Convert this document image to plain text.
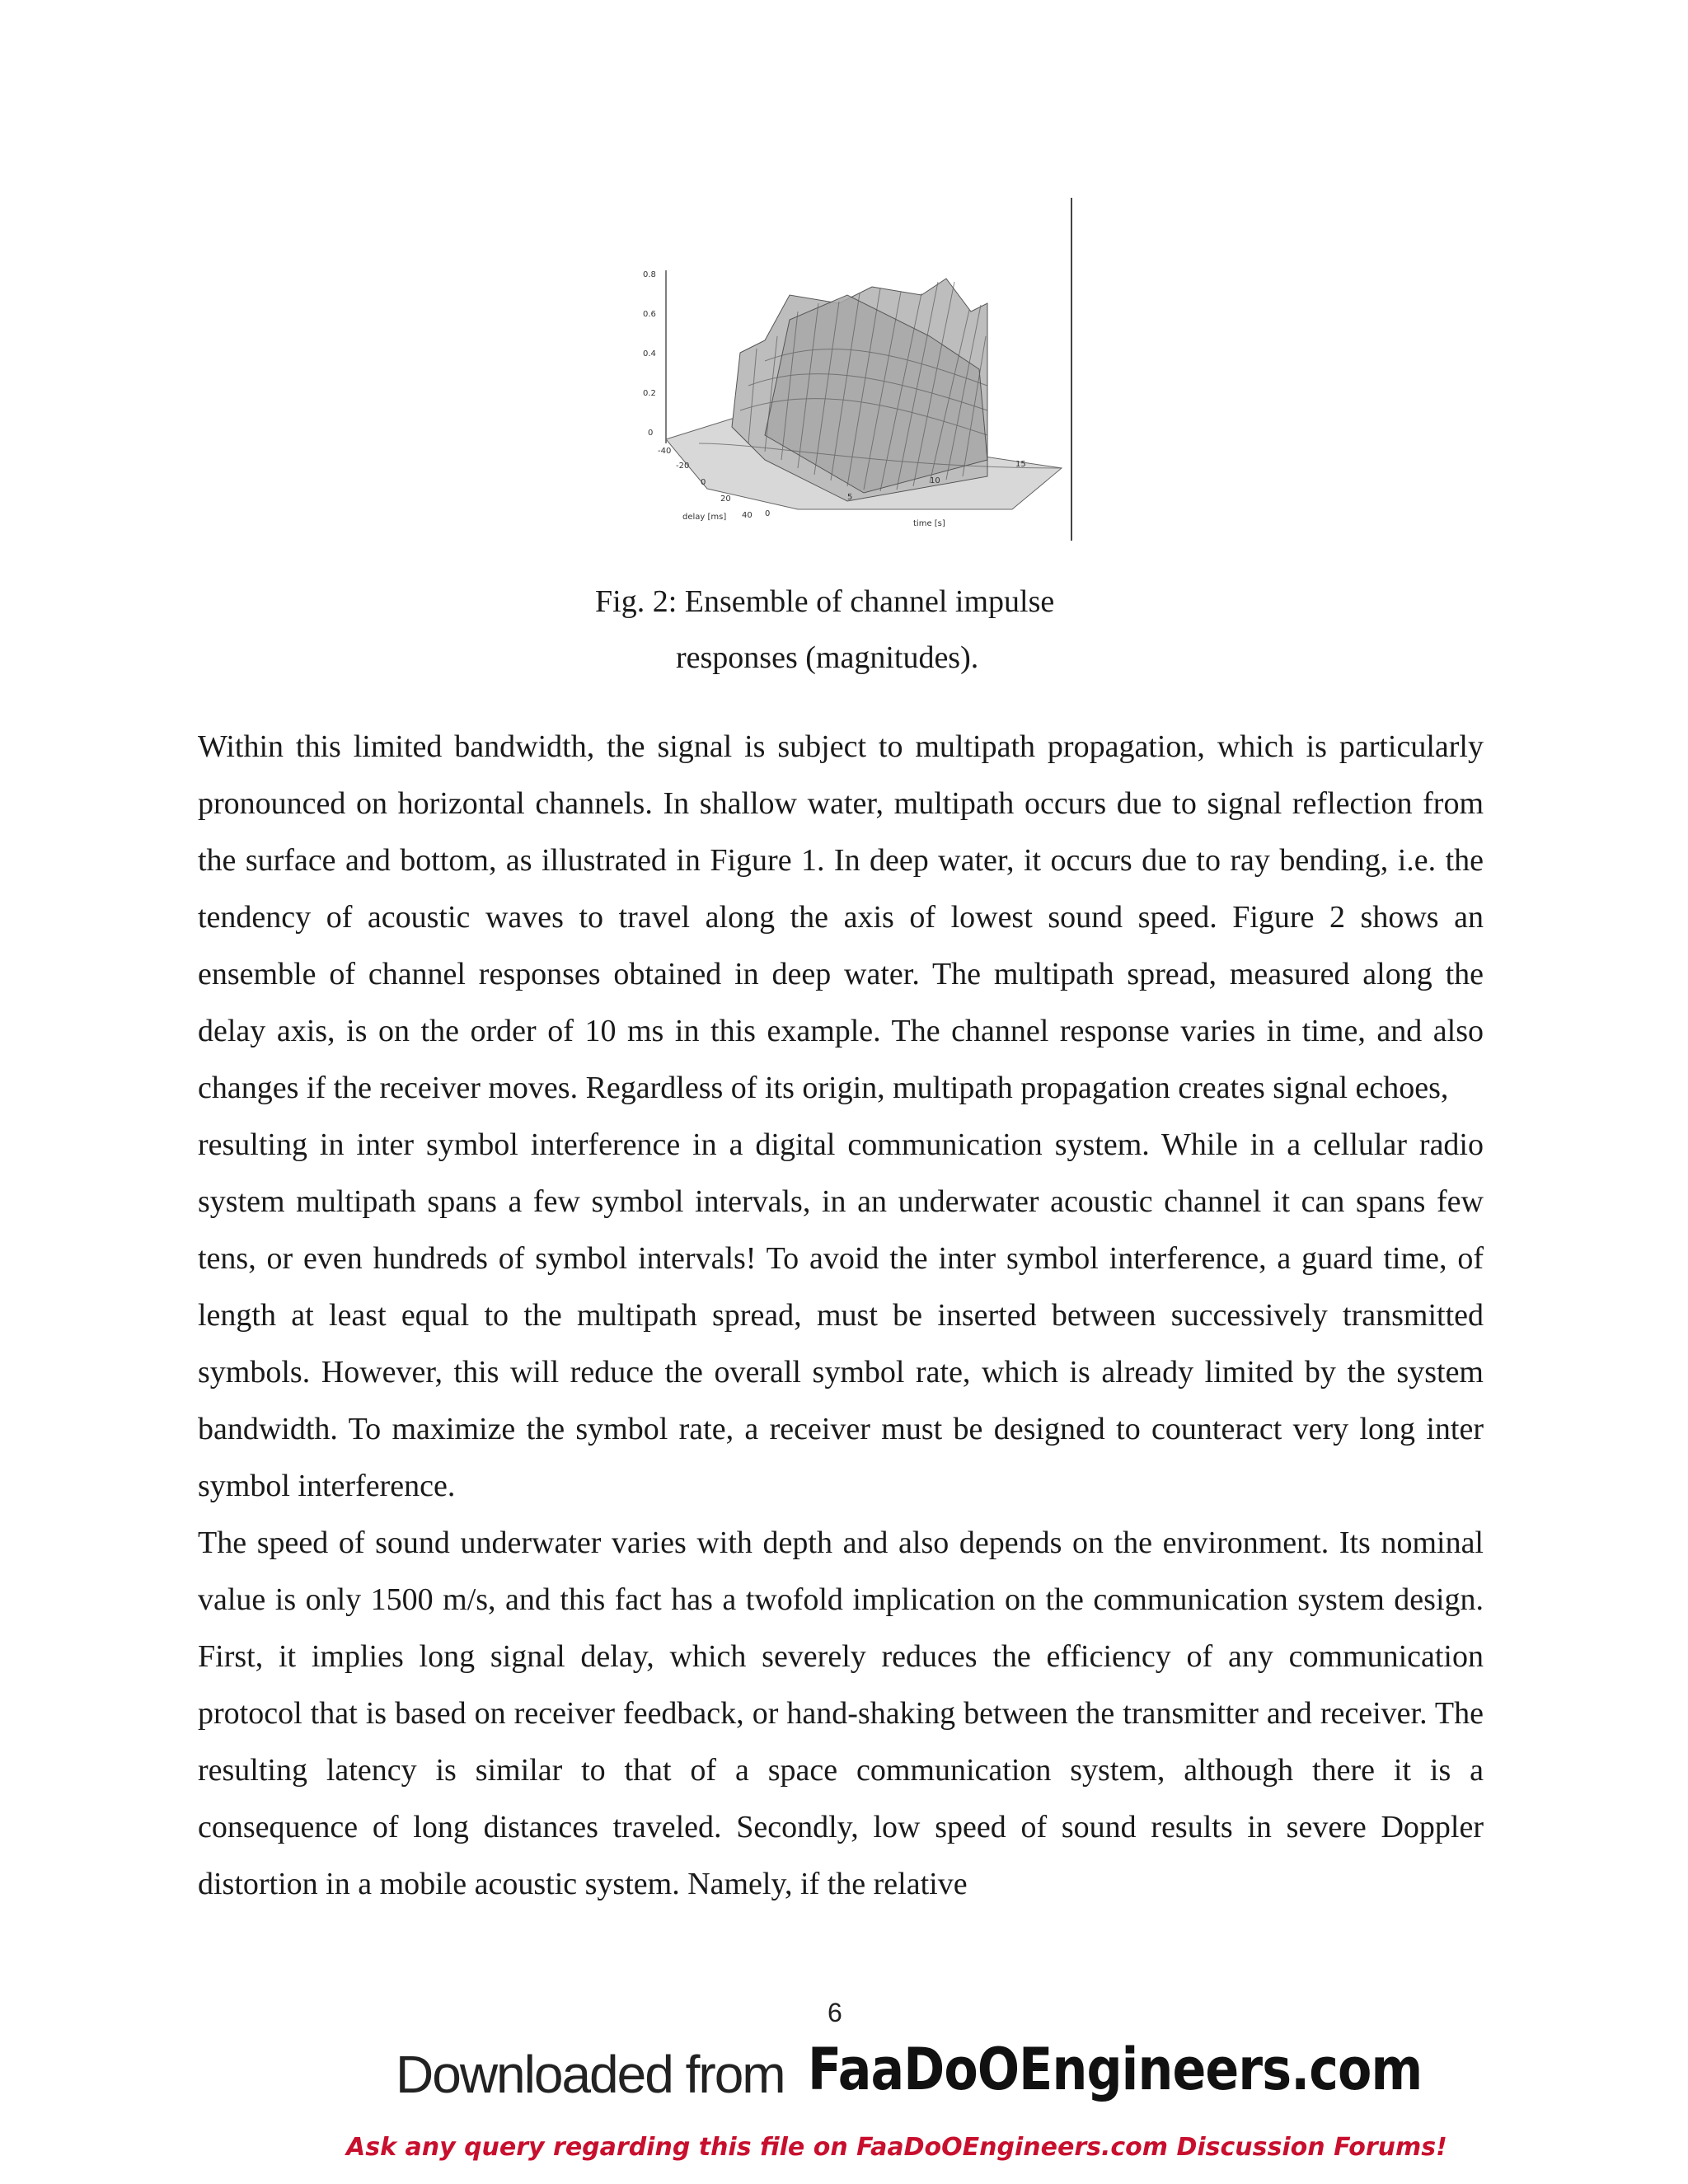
0.8
0.6
0.4
0.2
0
-40
-20
0
20
40
delay [ms]	0
5
10
15
time [s]
Fig. 2: Ensemble of channel impulse
responses (magnitudes).

Within this limited bandwidth, the signal is subject to multipath propagation, which is particularly pronounced on horizontal channels. In shallow water, multipath occurs due to signal reflection from the surface and bottom, as illustrated in Figure 1. In deep water, it occurs due to ray bending, i.e. the tendency of acoustic waves to travel along the axis of lowest sound speed. Figure 2 shows an ensemble of channel responses obtained in deep water. The multipath spread, measured along the delay axis, is on the order of 10 ms in this example. The channel response varies in time, and also changes if the receiver moves. Regardless of its origin, multipath propagation creates signal echoes,

resulting in inter symbol interference in a digital communication system. While in a cellular radio system multipath spans a few symbol intervals, in an underwater acoustic channel it can spans few tens, or even hundreds of symbol intervals! To avoid the inter symbol interference, a guard time, of length at least equal to the multipath spread, must be inserted between successively transmitted symbols. However, this will reduce the overall symbol rate, which is already limited by the system bandwidth. To maximize the symbol rate, a receiver must be designed to counteract very long inter symbol interference.

The speed of sound underwater varies with depth and also depends on the environment. Its nominal value is only 1500 m/s, and this fact has a twofold implication on the communication system design. First, it implies long signal delay, which severely reduces the efficiency of any communication protocol that is based on receiver feedback, or hand-shaking between the transmitter and receiver. The resulting latency is similar to that of a space communication system, although there it is a consequence of long distances traveled. Secondly, low speed of sound results in severe Doppler distortion in a mobile acoustic system. Namely, if the relative

6
Downloaded from FaaDoOEngineers.com
Ask any query regarding this file on FaaDoOEngineers.com Discussion Forums!
